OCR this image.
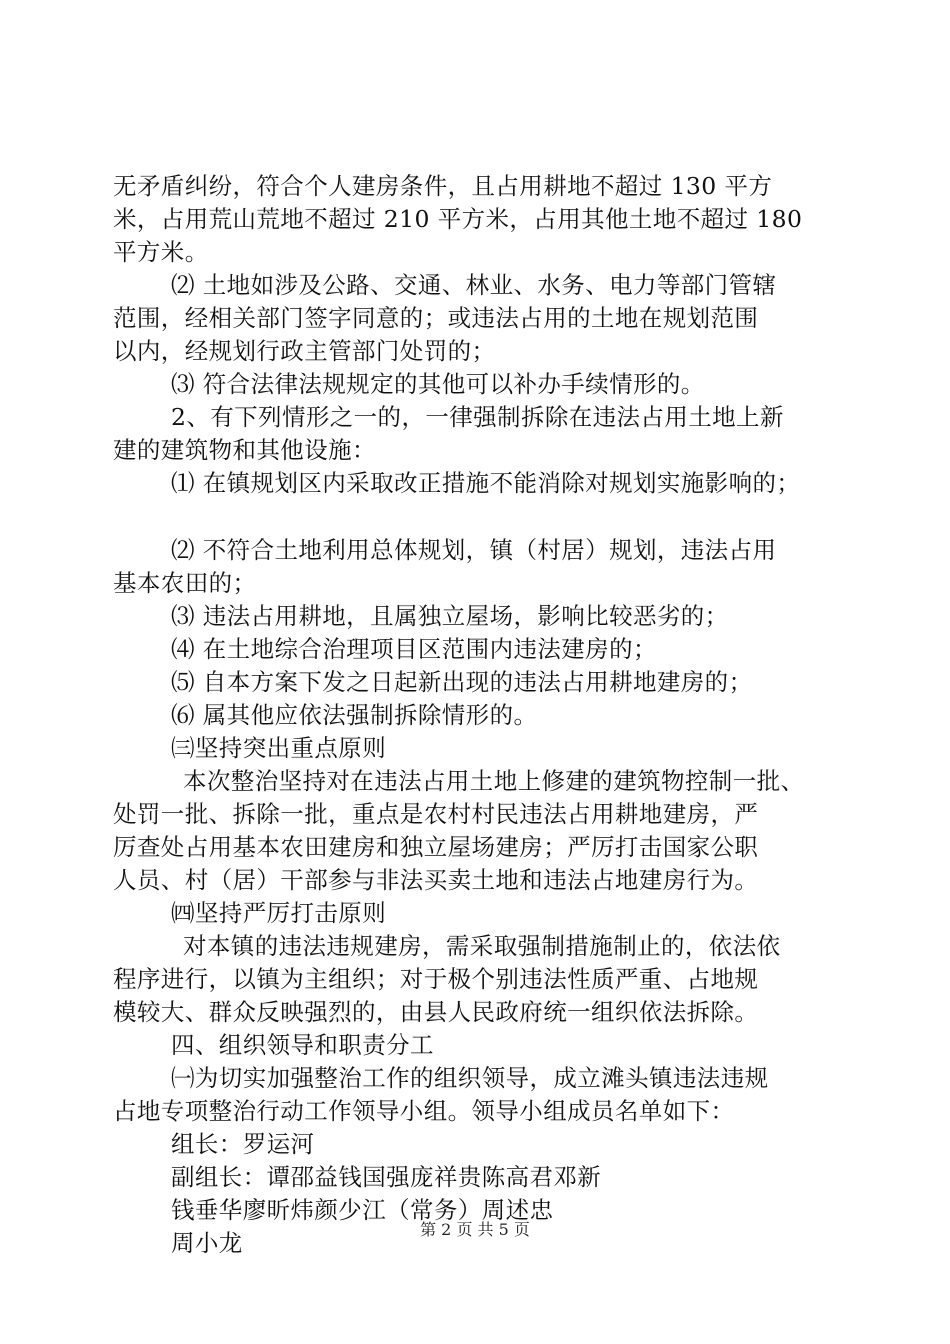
无矛盾纠纷，符合个人建房条件，且占用耕地不超过 130 平方
米，占用荒山荒地不超过 210 平方米，占用其他土地不超过 180
平方米。
⑵ 土地如涉及公路、交通、林业、水务、电力等部门管辖
范围，经相关部门签字同意的；或违法占用的土地在规划范围
以内，经规划行政主管部门处罚的；
⑶ 符合法律法规规定的其他可以补办手续情形的。
2、有下列情形之一的，一律强制拆除在违法占用土地上新
建的建筑物和其他设施：
⑴ 在镇规划区内采取改正措施不能消除对规划实施影响的；
⑵ 不符合土地利用总体规划，镇（村居）规划，违法占用
基本农田的；
⑶ 违法占用耕地，且属独立屋场，影响比较恶劣的；
⑷ 在土地综合治理项目区范围内违法建房的；
⑸ 自本方案下发之日起新出现的违法占用耕地建房的；
⑹ 属其他应依法强制拆除情形的。
㈢坚持突出重点原则
本次整治坚持对在违法占用土地上修建的建筑物控制一批、
处罚一批、拆除一批，重点是农村村民违法占用耕地建房，严
厉查处占用基本农田建房和独立屋场建房；严厉打击国家公职
人员、村（居）干部参与非法买卖土地和违法占地建房行为。
㈣坚持严厉打击原则
对本镇的违法违规建房，需采取强制措施制止的，依法依
程序进行，以镇为主组织；对于极个别违法性质严重、占地规
模较大、群众反映强烈的，由县人民政府统一组织依法拆除。
四、组织领导和职责分工
㈠为切实加强整治工作的组织领导，成立滩头镇违法违规
占地专项整治行动工作领导小组。领导小组成员名单如下：
组长：罗运河
副组长：谭邵益钱国强庞祥贵陈高君邓新
钱垂华廖昕炜颜少江（常务）周述忠
周小龙	第 2 页 共 5 页
